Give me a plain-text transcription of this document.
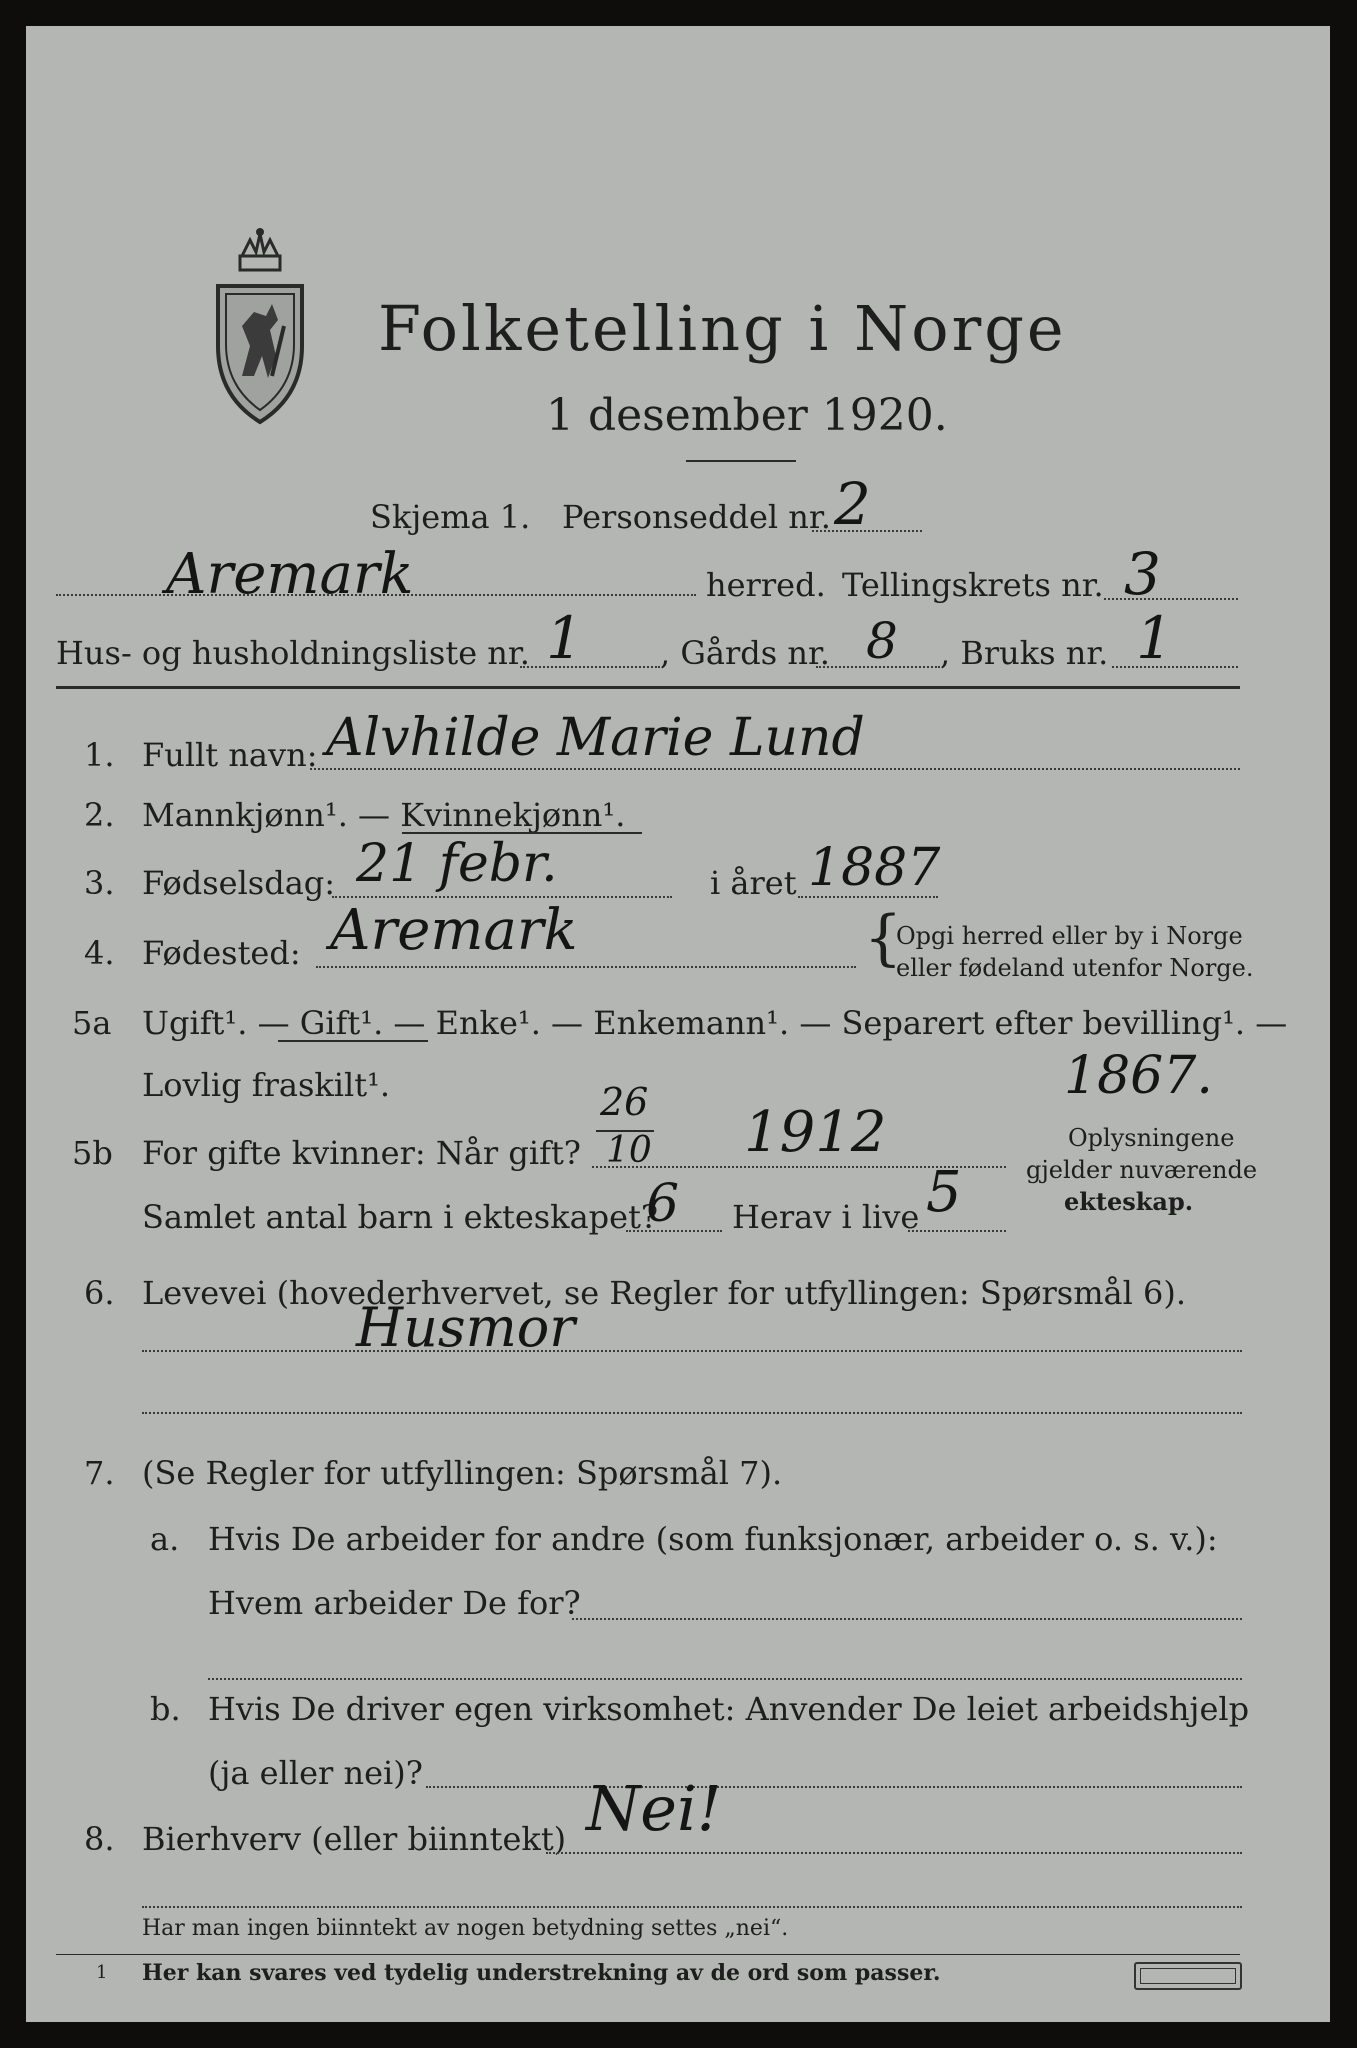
Folketelling i Norge
1 desember 1920.
Skjema 1. Personseddel nr. 2
Aremark	herred. Tellingskrets nr. 3
Hus- og husholdningsliste nr. 1 , Gårds nr. 8 , Bruks nr. 1
1. Fullt navn: Alvhilde Marie Lund
2. Mannkjønn¹. — Kvinnekjønn¹.
3. Fødselsdag: 21 febr.	i året 1887
4. Fødested: Aremark	{
Opgi herred eller by i Norge
eller fødeland utenfor Norge.
5a Ugift¹. — Gift¹. — Enke¹. — Enkemann¹. — Separert efter bevilling¹. —
Lovlig fraskilt¹.	1867.
5b For gifte kvinner: Når gift?
26
10 1912
Samlet antal barn i ekteskapet?
6 Herav i live 5
Oplysningene
gjelder nuværende
ekteskap.
6. Levevei (hovederhvervet, se Regler for utfyllingen: Spørsmål 6).
Husmor
7. (Se Regler for utfyllingen: Spørsmål 7).
a. Hvis De arbeider for andre (som funksjonær, arbeider o. s. v.):
Hvem arbeider De for?
b. Hvis De driver egen virksomhet: Anvender De leiet arbeidshjelp
(ja eller nei)?
8. Bierhverv (eller biinntekt) Nei!
Har man ingen biinntekt av nogen betydning settes „nei“.
1 Her kan svares ved tydelig understrekning av de ord som passer.
